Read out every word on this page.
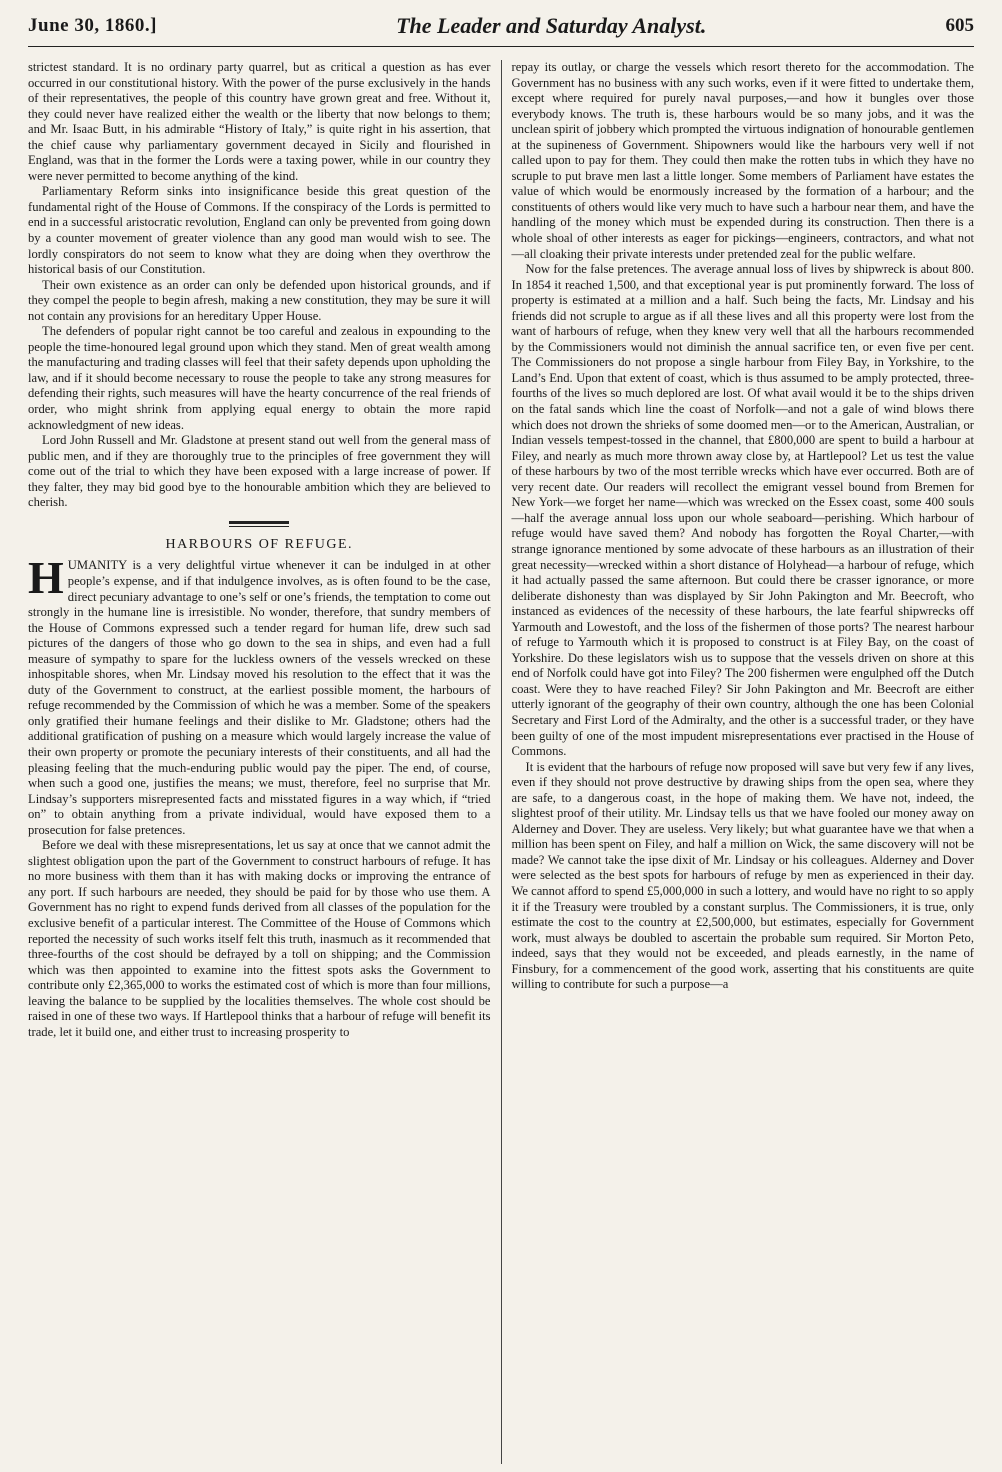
June 30, 1860.]	The Leader and Saturday Analyst.	605

strictest standard. It is no ordinary party quarrel, but as critical a question as has ever occurred in our constitutional history. With the power of the purse exclusively in the hands of their representatives, the people of this country have grown great and free. Without it, they could never have realized either the wealth or the liberty that now belongs to them; and Mr. Isaac Butt, in his admirable “History of Italy,” is quite right in his assertion, that the chief cause why parliamentary government decayed in Sicily and flourished in England, was that in the former the Lords were a taxing power, while in our country they were never permitted to become anything of the kind.

Parliamentary Reform sinks into insignificance beside this great question of the fundamental right of the House of Commons. If the conspiracy of the Lords is permitted to end in a successful aristocratic revolution, England can only be prevented from going down by a counter movement of greater violence than any good man would wish to see. The lordly conspirators do not seem to know what they are doing when they overthrow the historical basis of our Constitution.

Their own existence as an order can only be defended upon historical grounds, and if they compel the people to begin afresh, making a new constitution, they may be sure it will not contain any provisions for an hereditary Upper House.

The defenders of popular right cannot be too careful and zealous in expounding to the people the time-honoured legal ground upon which they stand. Men of great wealth among the manufacturing and trading classes will feel that their safety depends upon upholding the law, and if it should become necessary to rouse the people to take any strong measures for defending their rights, such measures will have the hearty concurrence of the real friends of order, who might shrink from applying equal energy to obtain the more rapid acknowledgment of new ideas.

Lord John Russell and Mr. Gladstone at present stand out well from the general mass of public men, and if they are thoroughly true to the principles of free government they will come out of the trial to which they have been exposed with a large increase of power. If they falter, they may bid good bye to the honourable ambition which they are believed to cherish.

HARBOURS OF REFUGE.

HUMANITY is a very delightful virtue whenever it can be indulged in at other people’s expense, and if that indulgence involves, as is often found to be the case, direct pecuniary advantage to one’s self or one’s friends, the temptation to come out strongly in the humane line is irresistible. No wonder, therefore, that sundry members of the House of Commons expressed such a tender regard for human life, drew such sad pictures of the dangers of those who go down to the sea in ships, and even had a full measure of sympathy to spare for the luckless owners of the vessels wrecked on these inhospitable shores, when Mr. Lindsay moved his resolution to the effect that it was the duty of the Government to construct, at the earliest possible moment, the harbours of refuge recommended by the Commission of which he was a member. Some of the speakers only gratified their humane feelings and their dislike to Mr. Gladstone; others had the additional gratification of pushing on a measure which would largely increase the value of their own property or promote the pecuniary interests of their constituents, and all had the pleasing feeling that the much-enduring public would pay the piper. The end, of course, when such a good one, justifies the means; we must, therefore, feel no surprise that Mr. Lindsay’s supporters misrepresented facts and misstated figures in a way which, if “tried on” to obtain anything from a private individual, would have exposed them to a prosecution for false pretences.

Before we deal with these misrepresentations, let us say at once that we cannot admit the slightest obligation upon the part of the Government to construct harbours of refuge. It has no more business with them than it has with making docks or improving the entrance of any port. If such harbours are needed, they should be paid for by those who use them. A Government has no right to expend funds derived from all classes of the population for the exclusive benefit of a particular interest. The Committee of the House of Commons which reported the necessity of such works itself felt this truth, inasmuch as it recommended that three-fourths of the cost should be defrayed by a toll on shipping; and the Commission which was then appointed to examine into the fittest spots asks the Government to contribute only £2,365,000 to works the estimated cost of which is more than four millions, leaving the balance to be supplied by the localities themselves. The whole cost should be raised in one of these two ways. If Hartlepool thinks that a harbour of refuge will benefit its trade, let it build one, and either trust to increasing prosperity to

repay its outlay, or charge the vessels which resort thereto for the accommodation. The Government has no business with any such works, even if it were fitted to undertake them, except where required for purely naval purposes,—and how it bungles over those everybody knows. The truth is, these harbours would be so many jobs, and it was the unclean spirit of jobbery which prompted the virtuous indignation of honourable gentlemen at the supineness of Government. Shipowners would like the harbours very well if not called upon to pay for them. They could then make the rotten tubs in which they have no scruple to put brave men last a little longer. Some members of Parliament have estates the value of which would be enormously increased by the formation of a harbour; and the constituents of others would like very much to have such a harbour near them, and have the handling of the money which must be expended during its construction. Then there is a whole shoal of other interests as eager for pickings—engineers, contractors, and what not—all cloaking their private interests under pretended zeal for the public welfare.

Now for the false pretences. The average annual loss of lives by shipwreck is about 800. In 1854 it reached 1,500, and that exceptional year is put prominently forward. The loss of property is estimated at a million and a half. Such being the facts, Mr. Lindsay and his friends did not scruple to argue as if all these lives and all this property were lost from the want of harbours of refuge, when they knew very well that all the harbours recommended by the Commissioners would not diminish the annual sacrifice ten, or even five per cent. The Commissioners do not propose a single harbour from Filey Bay, in Yorkshire, to the Land’s End. Upon that extent of coast, which is thus assumed to be amply protected, three-fourths of the lives so much deplored are lost. Of what avail would it be to the ships driven on the fatal sands which line the coast of Norfolk—and not a gale of wind blows there which does not drown the shrieks of some doomed men—or to the American, Australian, or Indian vessels tempest-tossed in the channel, that £800,000 are spent to build a harbour at Filey, and nearly as much more thrown away close by, at Hartlepool? Let us test the value of these harbours by two of the most terrible wrecks which have ever occurred. Both are of very recent date. Our readers will recollect the emigrant vessel bound from Bremen for New York—we forget her name—which was wrecked on the Essex coast, some 400 souls—half the average annual loss upon our whole seaboard—perishing. Which harbour of refuge would have saved them? And nobody has forgotten the Royal Charter,—with strange ignorance mentioned by some advocate of these harbours as an illustration of their great necessity—wrecked within a short distance of Holyhead—a harbour of refuge, which it had actually passed the same afternoon. But could there be crasser ignorance, or more deliberate dishonesty than was displayed by Sir John Pakington and Mr. Beecroft, who instanced as evidences of the necessity of these harbours, the late fearful shipwrecks off Yarmouth and Lowestoft, and the loss of the fishermen of those ports? The nearest harbour of refuge to Yarmouth which it is proposed to construct is at Filey Bay, on the coast of Yorkshire. Do these legislators wish us to suppose that the vessels driven on shore at this end of Norfolk could have got into Filey? The 200 fishermen were engulphed off the Dutch coast. Were they to have reached Filey? Sir John Pakington and Mr. Beecroft are either utterly ignorant of the geography of their own country, although the one has been Colonial Secretary and First Lord of the Admiralty, and the other is a successful trader, or they have been guilty of one of the most impudent misrepresentations ever practised in the House of Commons.

It is evident that the harbours of refuge now proposed will save but very few if any lives, even if they should not prove destructive by drawing ships from the open sea, where they are safe, to a dangerous coast, in the hope of making them. We have not, indeed, the slightest proof of their utility. Mr. Lindsay tells us that we have fooled our money away on Alderney and Dover. They are useless. Very likely; but what guarantee have we that when a million has been spent on Filey, and half a million on Wick, the same discovery will not be made? We cannot take the ipse dixit of Mr. Lindsay or his colleagues. Alderney and Dover were selected as the best spots for harbours of refuge by men as experienced in their day. We cannot afford to spend £5,000,000 in such a lottery, and would have no right to so apply it if the Treasury were troubled by a constant surplus. The Commissioners, it is true, only estimate the cost to the country at £2,500,000, but estimates, especially for Government work, must always be doubled to ascertain the probable sum required. Sir Morton Peto, indeed, says that they would not be exceeded, and pleads earnestly, in the name of Finsbury, for a commencement of the good work, asserting that his constituents are quite willing to contribute for such a purpose—a
